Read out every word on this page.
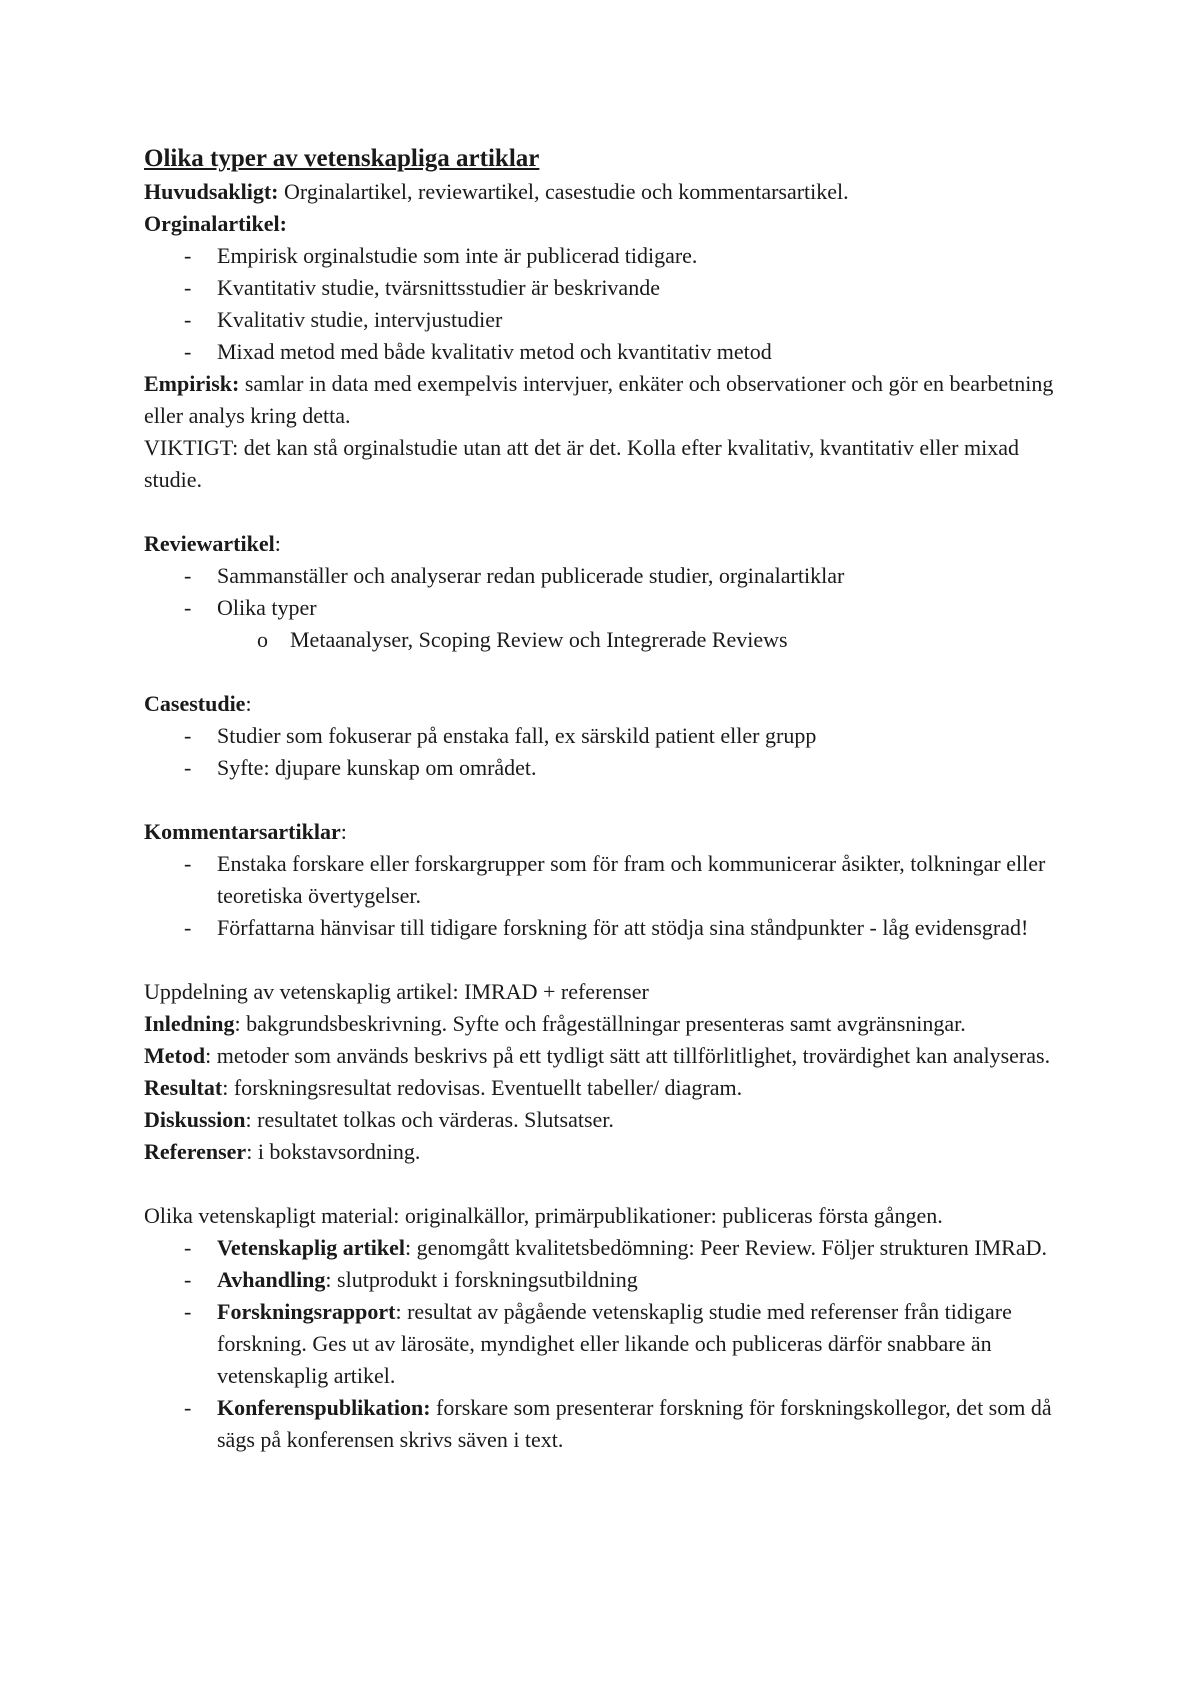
Olika typer av vetenskapliga artiklar

Huvudsakligt: Orginalartikel, reviewartikel, casestudie och kommentarsartikel.

Orginalartikel:

- Empirisk orginalstudie som inte är publicerad tidigare.
- Kvantitativ studie, tvärsnittsstudier är beskrivande
- Kvalitativ studie, intervjustudier
- Mixad metod med både kvalitativ metod och kvantitativ metod

Empirisk: samlar in data med exempelvis intervjuer, enkäter och observationer och gör en bearbetning eller analys kring detta.

VIKTIGT: det kan stå orginalstudie utan att det är det. Kolla efter kvalitativ, kvantitativ eller mixad studie.

Reviewartikel:

- Sammanställer och analyserar redan publicerade studier, orginalartiklar
- Olika typer
o Metaanalyser, Scoping Review och Integrerade Reviews

Casestudie:

- Studier som fokuserar på enstaka fall, ex särskild patient eller grupp
- Syfte: djupare kunskap om området.

Kommentarsartiklar:

- Enstaka forskare eller forskargrupper som för fram och kommunicerar åsikter, tolkningar eller teoretiska övertygelser.
- Författarna hänvisar till tidigare forskning för att stödja sina ståndpunkter - låg evidensgrad!

Uppdelning av vetenskaplig artikel: IMRAD + referenser

Inledning: bakgrundsbeskrivning. Syfte och frågeställningar presenteras samt avgränsningar.

Metod: metoder som används beskrivs på ett tydligt sätt att tillförlitlighet, trovärdighet kan analyseras.

Resultat: forskningsresultat redovisas. Eventuellt tabeller/ diagram.

Diskussion: resultatet tolkas och värderas. Slutsatser.

Referenser: i bokstavsordning.

Olika vetenskapligt material: originalkällor, primärpublikationer: publiceras första gången.

- Vetenskaplig artikel: genomgått kvalitetsbedömning: Peer Review. Följer strukturen IMRaD.
- Avhandling: slutprodukt i forskningsutbildning
- Forskningsrapport: resultat av pågående vetenskaplig studie med referenser från tidigare forskning. Ges ut av lärosäte, myndighet eller likande och publiceras därför snabbare än vetenskaplig artikel.
- Konferenspublikation: forskare som presenterar forskning för forskningskollegor, det som då sägs på konferensen skrivs säven i text.
